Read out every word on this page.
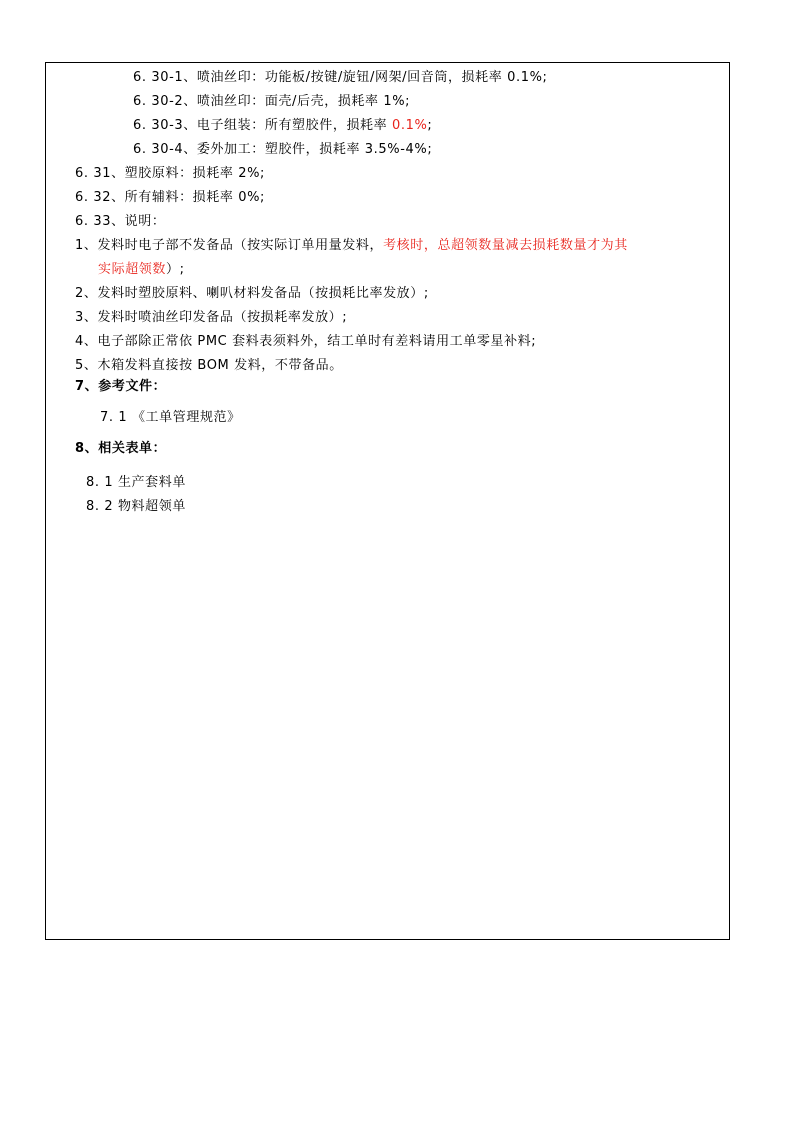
6. 30-1、喷油丝印：功能板/按键/旋钮/网架/回音筒，损耗率 0.1%;
6. 30-2、喷油丝印：面壳/后壳，损耗率 1%;
6. 30-3、电子组装：所有塑胶件，损耗率 0.1%;
6. 30-4、委外加工：塑胶件，损耗率 3.5%-4%;
6. 31、塑胶原料：损耗率 2%;
6. 32、所有辅料：损耗率 0%;
6. 33、说明：
1、发料时电子部不发备品（按实际订单用量发料，考核时，总超领数量减去损耗数量才为其
实际超领数）;
2、发料时塑胶原料、喇叭材料发备品（按损耗比率发放）;
3、发料时喷油丝印发备品（按损耗率发放）;
4、电子部除正常依 PMC 套料表须料外，结工单时有差料请用工单零星补料;
5、木箱发料直接按 BOM 发料，不带备品。
7、参考文件：
7. 1 《工单管理规范》
8、相关表单：
8. 1 生产套料单
8. 2 物料超领单
